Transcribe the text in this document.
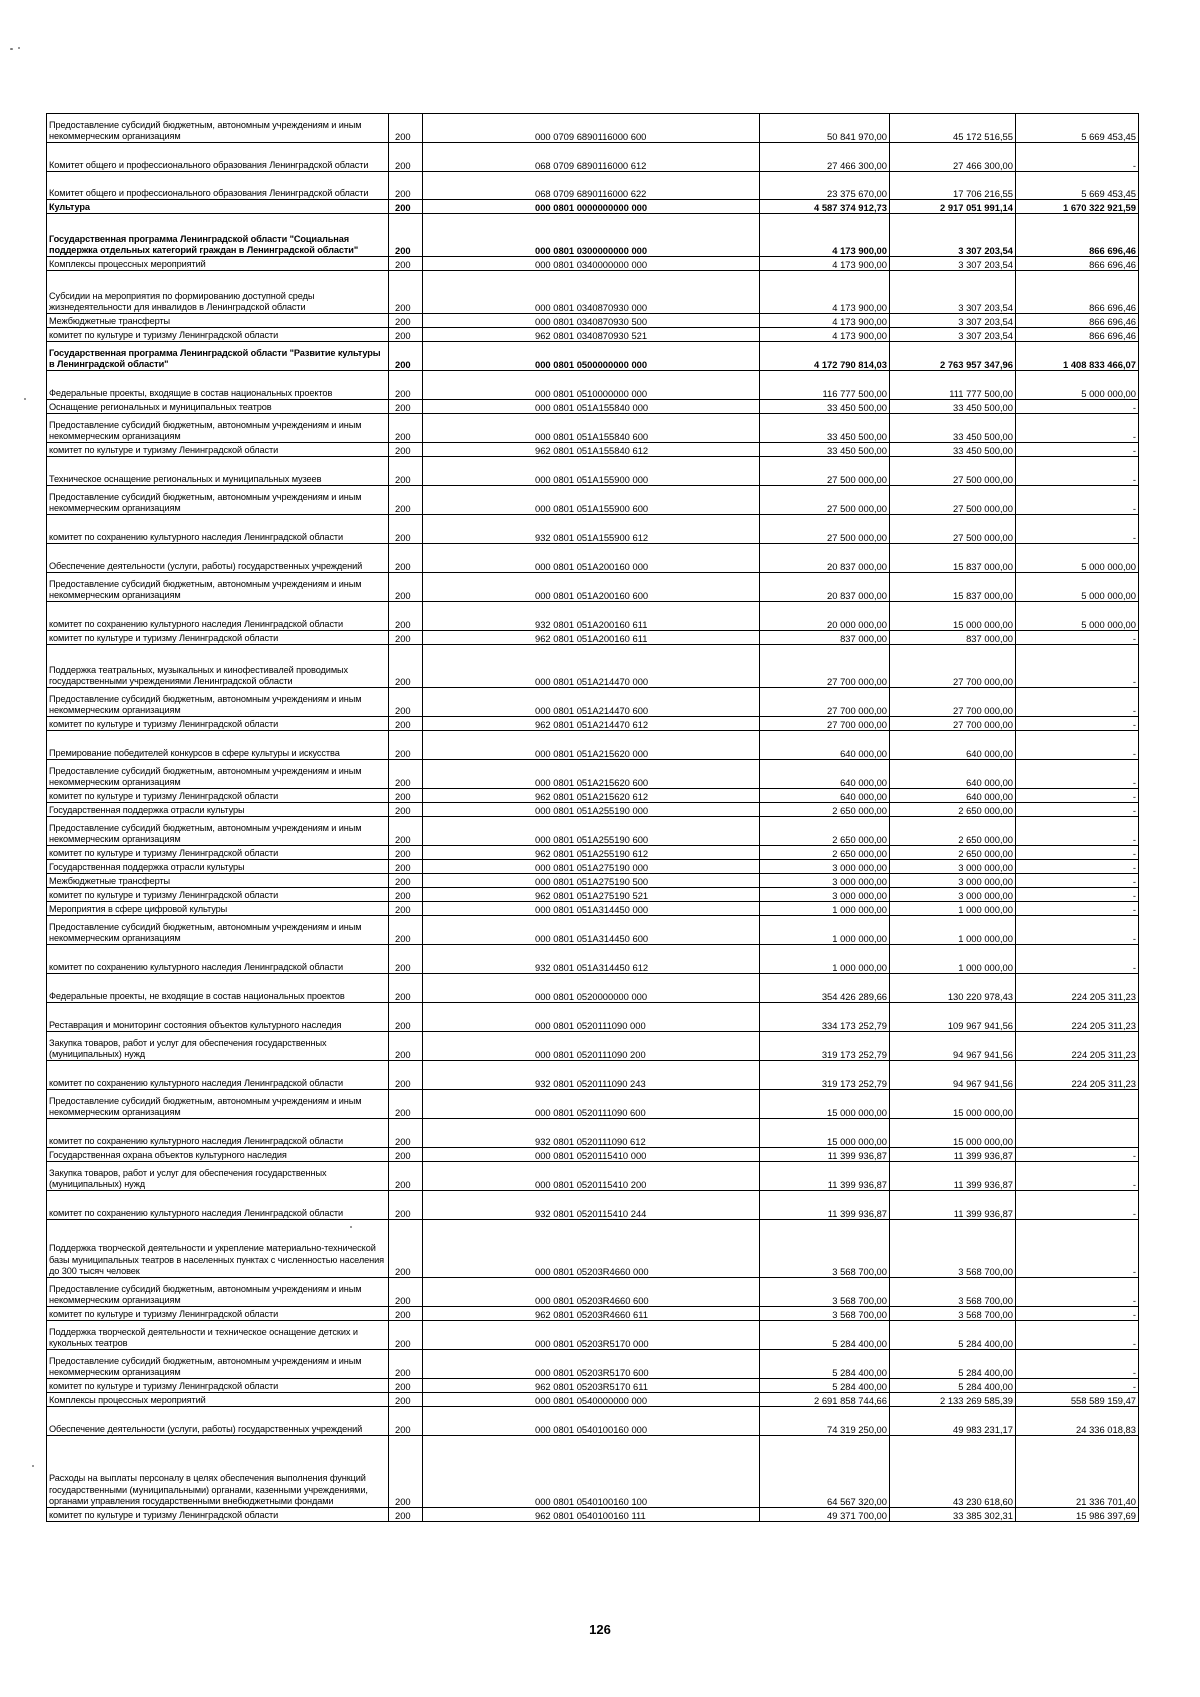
Предоставление субсидий бюджетным, автономным учреждениям и иным некоммерческим организациям	200	000 0709 6890116000 600	50 841 970,00	45 172 516,55	5 669 453,45
Комитет общего и профессионального образования Ленинградской области	200	068 0709 6890116000 612	27 466 300,00	27 466 300,00	-
Комитет общего и профессионального образования Ленинградской области	200	068 0709 6890116000 622	23 375 670,00	17 706 216,55	5 669 453,45
Культура	200	000 0801 0000000000 000	4 587 374 912,73	2 917 051 991,14	1 670 322 921,59
Государственная программа Ленинградской области "Социальная поддержка отдельных категорий граждан в Ленинградской области"	200	000 0801 0300000000 000	4 173 900,00	3 307 203,54	866 696,46
Комплексы процессных мероприятий	200	000 0801 0340000000 000	4 173 900,00	3 307 203,54	866 696,46
Субсидии на мероприятия по формированию доступной среды жизнедеятельности для инвалидов в Ленинградской области	200	000 0801 0340870930 000	4 173 900,00	3 307 203,54	866 696,46
Межбюджетные трансферты	200	000 0801 0340870930 500	4 173 900,00	3 307 203,54	866 696,46
комитет по культуре и туризму Ленинградской области	200	962 0801 0340870930 521	4 173 900,00	3 307 203,54	866 696,46
Государственная программа Ленинградской области "Развитие культуры в Ленинградской области"	200	000 0801 0500000000 000	4 172 790 814,03	2 763 957 347,96	1 408 833 466,07
Федеральные проекты, входящие в состав национальных проектов	200	000 0801 0510000000 000	116 777 500,00	111 777 500,00	5 000 000,00
Оснащение региональных и муниципальных театров	200	000 0801 051A155840 000	33 450 500,00	33 450 500,00	-
Предоставление субсидий бюджетным, автономным учреждениям и иным некоммерческим организациям	200	000 0801 051A155840 600	33 450 500,00	33 450 500,00	-
комитет по культуре и туризму Ленинградской области	200	962 0801 051A155840 612	33 450 500,00	33 450 500,00	-
Техническое оснащение региональных и муниципальных музеев	200	000 0801 051A155900 000	27 500 000,00	27 500 000,00	-
Предоставление субсидий бюджетным, автономным учреждениям и иным некоммерческим организациям	200	000 0801 051A155900 600	27 500 000,00	27 500 000,00	-
комитет по сохранению культурного наследия Ленинградской области	200	932 0801 051A155900 612	27 500 000,00	27 500 000,00	-
Обеспечение деятельности (услуги, работы) государственных учреждений	200	000 0801 051A200160 000	20 837 000,00	15 837 000,00	5 000 000,00
Предоставление субсидий бюджетным, автономным учреждениям и иным некоммерческим организациям	200	000 0801 051A200160 600	20 837 000,00	15 837 000,00	5 000 000,00
комитет по сохранению культурного наследия Ленинградской области	200	932 0801 051A200160 611	20 000 000,00	15 000 000,00	5 000 000,00
комитет по культуре и туризму Ленинградской области	200	962 0801 051A200160 611	837 000,00	837 000,00	-
Поддержка театральных, музыкальных и кинофестивалей проводимых государственными учреждениями Ленинградской области	200	000 0801 051A214470 000	27 700 000,00	27 700 000,00	-
Предоставление субсидий бюджетным, автономным учреждениям и иным некоммерческим организациям	200	000 0801 051A214470 600	27 700 000,00	27 700 000,00	-
комитет по культуре и туризму Ленинградской области	200	962 0801 051A214470 612	27 700 000,00	27 700 000,00	-
Премирование победителей конкурсов в сфере культуры и искусства	200	000 0801 051A215620 000	640 000,00	640 000,00	-
Предоставление субсидий бюджетным, автономным учреждениям и иным некоммерческим организациям	200	000 0801 051A215620 600	640 000,00	640 000,00	-
комитет по культуре и туризму Ленинградской области	200	962 0801 051A215620 612	640 000,00	640 000,00	-
Государственная поддержка отрасли культуры	200	000 0801 051A255190 000	2 650 000,00	2 650 000,00	-
Предоставление субсидий бюджетным, автономным учреждениям и иным некоммерческим организациям	200	000 0801 051A255190 600	2 650 000,00	2 650 000,00	-
комитет по культуре и туризму Ленинградской области	200	962 0801 051A255190 612	2 650 000,00	2 650 000,00	-
Государственная поддержка отрасли культуры	200	000 0801 051A275190 000	3 000 000,00	3 000 000,00	-
Межбюджетные трансферты	200	000 0801 051A275190 500	3 000 000,00	3 000 000,00	-
комитет по культуре и туризму Ленинградской области	200	962 0801 051A275190 521	3 000 000,00	3 000 000,00	-
Мероприятия в сфере цифровой культуры	200	000 0801 051A314450 000	1 000 000,00	1 000 000,00	-
Предоставление субсидий бюджетным, автономным учреждениям и иным некоммерческим организациям	200	000 0801 051A314450 600	1 000 000,00	1 000 000,00	-
комитет по сохранению культурного наследия Ленинградской области	200	932 0801 051A314450 612	1 000 000,00	1 000 000,00	-
Федеральные проекты, не входящие в состав национальных проектов	200	000 0801 0520000000 000	354 426 289,66	130 220 978,43	224 205 311,23
Реставрация и мониторинг состояния объектов культурного наследия	200	000 0801 0520111090 000	334 173 252,79	109 967 941,56	224 205 311,23
Закупка товаров, работ и услуг для обеспечения государственных (муниципальных) нужд	200	000 0801 0520111090 200	319 173 252,79	94 967 941,56	224 205 311,23
комитет по сохранению культурного наследия Ленинградской области	200	932 0801 0520111090 243	319 173 252,79	94 967 941,56	224 205 311,23
Предоставление субсидий бюджетным, автономным учреждениям и иным некоммерческим организациям	200	000 0801 0520111090 600	15 000 000,00	15 000 000,00	
комитет по сохранению культурного наследия Ленинградской области	200	932 0801 0520111090 612	15 000 000,00	15 000 000,00	
Государственная охрана объектов культурного наследия	200	000 0801 0520115410 000	11 399 936,87	11 399 936,87	-
Закупка товаров, работ и услуг для обеспечения государственных (муниципальных) нужд	200	000 0801 0520115410 200	11 399 936,87	11 399 936,87	-
комитет по сохранению культурного наследия Ленинградской области	200	932 0801 0520115410 244	11 399 936,87	11 399 936,87	-
Поддержка творческой деятельности и укрепление материально-технической базы муниципальных театров в населенных пунктах с численностью населения до 300 тысяч человек	200	000 0801 05203R4660 000	3 568 700,00	3 568 700,00	-
Предоставление субсидий бюджетным, автономным учреждениям и иным некоммерческим организациям	200	000 0801 05203R4660 600	3 568 700,00	3 568 700,00	-
комитет по культуре и туризму Ленинградской области	200	962 0801 05203R4660 611	3 568 700,00	3 568 700,00	-
Поддержка творческой деятельности и техническое оснащение детских и кукольных театров	200	000 0801 05203R5170 000	5 284 400,00	5 284 400,00	-
Предоставление субсидий бюджетным, автономным учреждениям и иным некоммерческим организациям	200	000 0801 05203R5170 600	5 284 400,00	5 284 400,00	-
комитет по культуре и туризму Ленинградской области	200	962 0801 05203R5170 611	5 284 400,00	5 284 400,00	-
Комплексы процессных мероприятий	200	000 0801 0540000000 000	2 691 858 744,66	2 133 269 585,39	558 589 159,47
Обеспечение деятельности (услуги, работы) государственных учреждений	200	000 0801 0540100160 000	74 319 250,00	49 983 231,17	24 336 018,83
Расходы на выплаты персоналу в целях обеспечения выполнения функций государственными (муниципальными) органами, казенными учреждениями, органами управления государственными внебюджетными фондами	200	000 0801 0540100160 100	64 567 320,00	43 230 618,60	21 336 701,40
комитет по культуре и туризму Ленинградской области	200	962 0801 0540100160 111	49 371 700,00	33 385 302,31	15 986 397,69
126
